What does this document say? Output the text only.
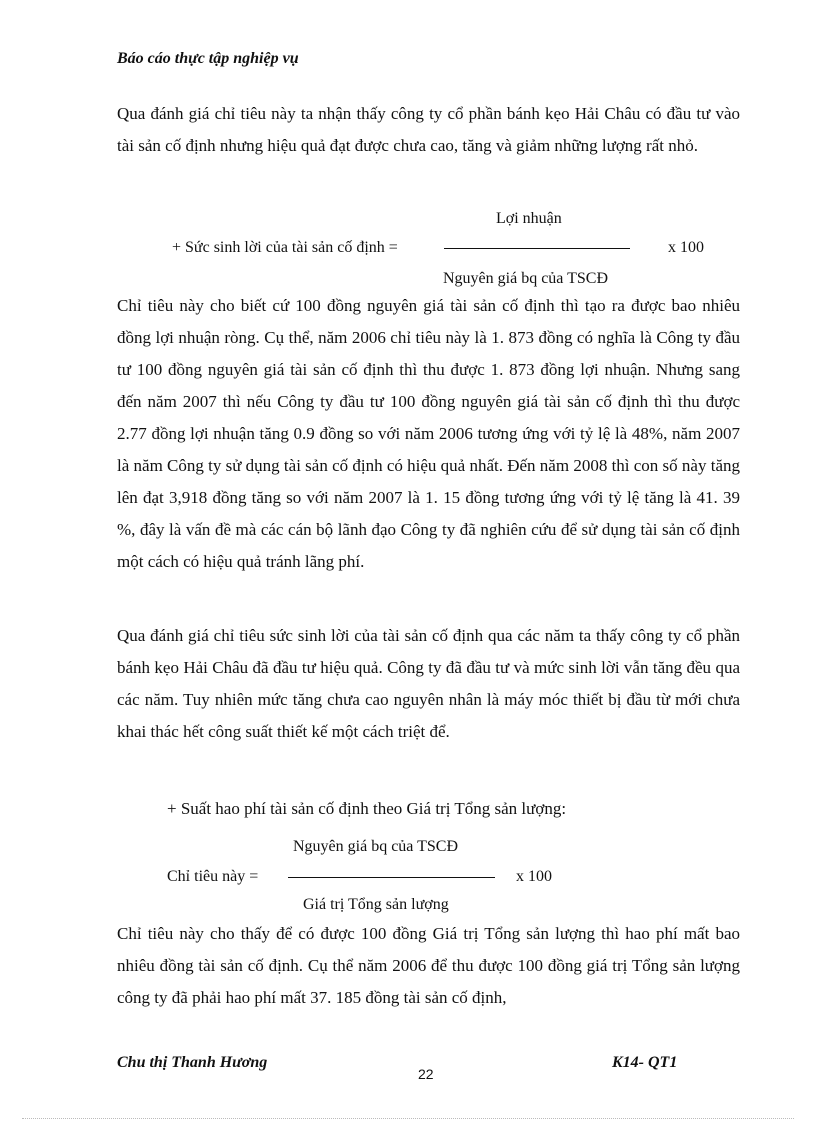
Báo cáo thực tập nghiệp vụ

Qua đánh giá chỉ tiêu này ta nhận thấy công ty cổ phần bánh kẹo Hải Châu có đầu tư vào tài sản cố định nhưng hiệu quả đạt được chưa cao, tăng và giảm những lượng rất nhỏ.

Lợi nhuận
+ Sức sinh lời của tài sản cố định =	x 100
Nguyên giá bq của TSCĐ

Chỉ tiêu này cho biết cứ 100 đồng nguyên giá tài sản cố định thì tạo ra được bao nhiêu đồng lợi nhuận ròng. Cụ thể, năm 2006 chỉ tiêu này là 1. 873 đồng có nghĩa là Công ty đầu tư 100 đồng nguyên giá tài sản cố định thì thu được 1. 873 đồng lợi nhuận. Nhưng sang đến năm 2007 thì nếu Công ty đầu tư 100 đồng nguyên giá tài sản cố định thì thu được 2.77 đồng lợi nhuận tăng 0.9 đồng so với năm 2006 tương ứng với tỷ lệ là 48%, năm 2007 là năm Công ty sử dụng tài sản cố định có hiệu quả nhất. Đến năm 2008 thì con số này tăng lên đạt 3,918 đồng tăng so với năm 2007 là 1. 15 đồng tương ứng với tỷ lệ tăng là 41. 39 %, đây là vấn đề mà các cán bộ lãnh đạo Công ty đã nghiên cứu để sử dụng tài sản cố định một cách có hiệu quả tránh lãng phí.

Qua đánh giá chỉ tiêu sức sinh lời của tài sản cố định qua các năm ta thấy công ty cổ phần bánh kẹo Hải Châu đã đầu tư hiệu quả. Công ty đã đầu tư và mức sinh lời vẫn tăng đều qua các năm. Tuy nhiên mức tăng chưa cao nguyên nhân là máy móc thiết bị đầu từ mới chưa khai thác hết công suất thiết kế một cách triệt để.

+ Suất hao phí tài sản cố định theo Giá trị Tổng sản lượng:
Nguyên giá bq của TSCĐ
Chỉ tiêu này =	x 100
Giá trị Tổng sản lượng

Chỉ tiêu này cho thấy để có được 100 đồng Giá trị Tổng sản lượng thì hao phí mất bao nhiêu đồng tài sản cố định. Cụ thể năm 2006 để thu được 100 đồng giá trị Tổng sản lượng công ty đã phải hao phí mất 37. 185 đồng tài sản cố định,

Chu thị Thanh Hương
22
K14- QT1
